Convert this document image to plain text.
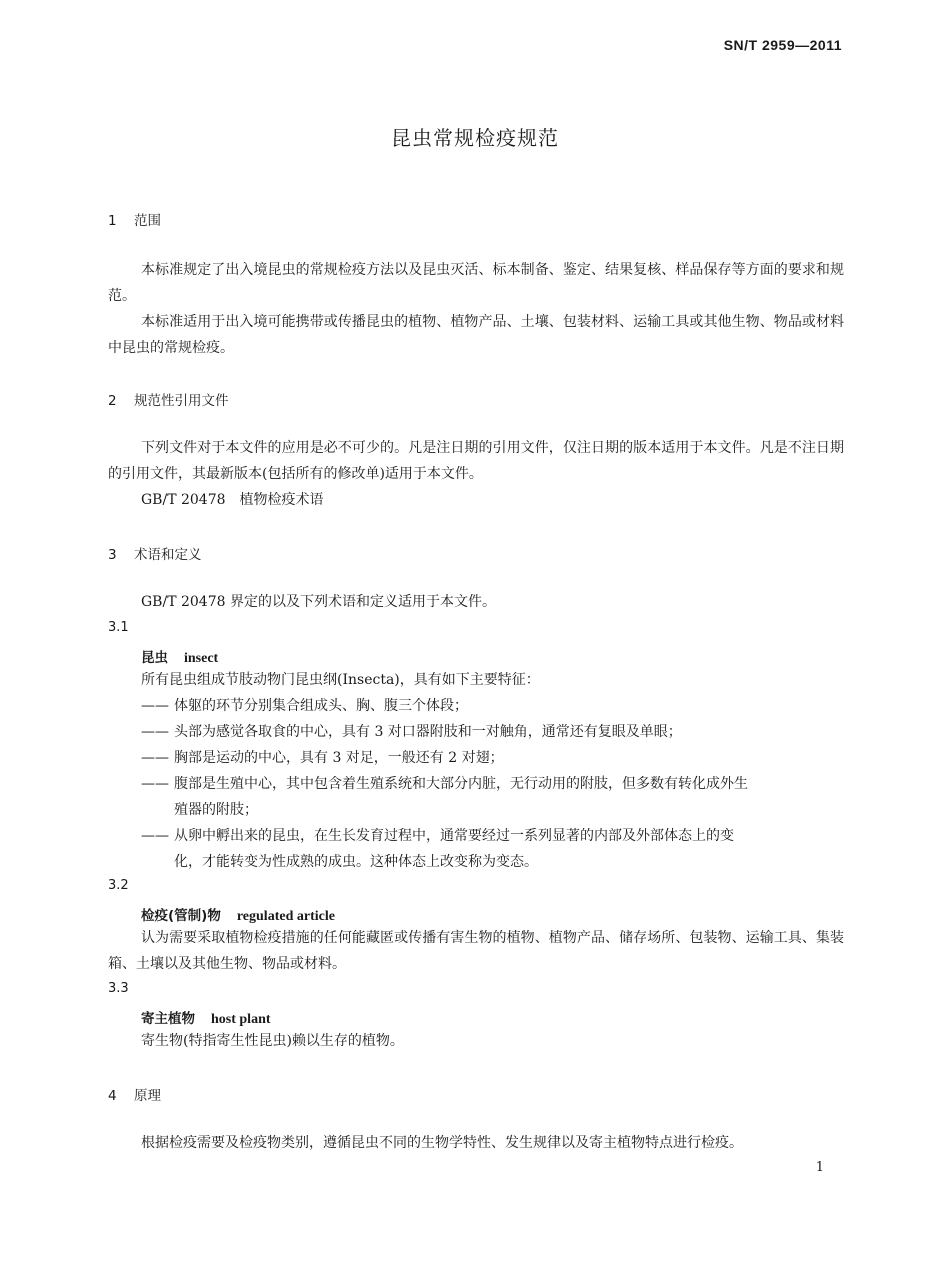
SN/T 2959—2011
昆虫常规检疫规范
1 范围
本标准规定了出入境昆虫的常规检疫方法以及昆虫灭活、标本制备、鉴定、结果复核、样品保存等方面的要求和规范。
本标准适用于出入境可能携带或传播昆虫的植物、植物产品、土壤、包装材料、运输工具或其他生物、物品或材料中昆虫的常规检疫。
2 规范性引用文件
下列文件对于本文件的应用是必不可少的。凡是注日期的引用文件，仅注日期的版本适用于本文件。凡是不注日期的引用文件，其最新版本(包括所有的修改单)适用于本文件。
GB/T 20478　植物检疫术语
3 术语和定义
GB/T 20478 界定的以及下列术语和定义适用于本文件。
3.1
昆虫 insect
所有昆虫组成节肢动物门昆虫纲(Insecta)，具有如下主要特征：
—— 体躯的环节分别集合组成头、胸、腹三个体段；
—— 头部为感觉各取食的中心，具有 3 对口器附肢和一对触角，通常还有复眼及单眼；
—— 胸部是运动的中心，具有 3 对足，一般还有 2 对翅；
—— 腹部是生殖中心，其中包含着生殖系统和大部分内脏，无行动用的附肢，但多数有转化成外生
殖器的附肢；
—— 从卵中孵出来的昆虫，在生长发育过程中，通常要经过一系列显著的内部及外部体态上的变
化，才能转变为性成熟的成虫。这种体态上改变称为变态。
3.2
检疫(管制)物 regulated article
认为需要采取植物检疫措施的任何能藏匿或传播有害生物的植物、植物产品、储存场所、包装物、运输工具、集装箱、土壤以及其他生物、物品或材料。
3.3
寄主植物 host plant
寄生物(特指寄生性昆虫)赖以生存的植物。
4 原理
根据检疫需要及检疫物类别，遵循昆虫不同的生物学特性、发生规律以及寄主植物特点进行检疫。
1
